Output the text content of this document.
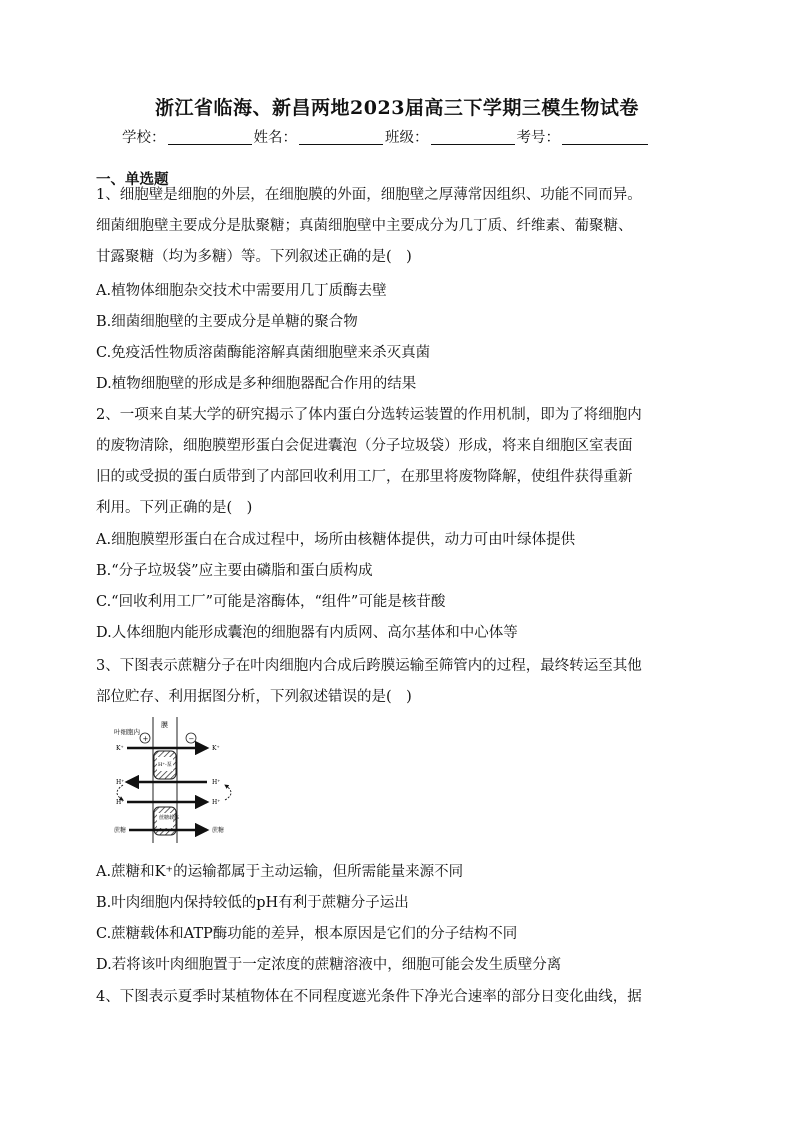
浙江省临海、新昌两地2023届高三下学期三模生物试卷
学校：	姓名：	班级：	考号：
一、单选题
1、细胞壁是细胞的外层，在细胞膜的外面，细胞壁之厚薄常因组织、功能不同而异。
细菌细胞壁主要成分是肽聚糖；真菌细胞壁中主要成分为几丁质、纤维素、葡聚糖、
甘露聚糖（均为多糖）等。下列叙述正确的是(　)
A.植物体细胞杂交技术中需要用几丁质酶去壁
B.细菌细胞壁的主要成分是单糖的聚合物
C.免疫活性物质溶菌酶能溶解真菌细胞壁来杀灭真菌
D.植物细胞壁的形成是多种细胞器配合作用的结果
2、一项来自某大学的研究揭示了体内蛋白分选转运装置的作用机制，即为了将细胞内
的废物清除，细胞膜塑形蛋白会促进囊泡（分子垃圾袋）形成，将来自细胞区室表面
旧的或受损的蛋白质带到了内部回收利用工厂，在那里将废物降解，使组件获得重新
利用。下列正确的是(　)
A.细胞膜塑形蛋白在合成过程中，场所由核糖体提供，动力可由叶绿体提供
B.“分子垃圾袋”应主要由磷脂和蛋白质构成
C.“回收利用工厂”可能是溶酶体，“组件”可能是核苷酸
D.人体细胞内能形成囊泡的细胞器有内质网、高尔基体和中心体等
3、下图表示蔗糖分子在叶肉细胞内合成后跨膜运输至筛管内的过程，最终转运至其他
部位贮存、利用据图分析，下列叙述错误的是(　)
叶细胞内
膜
+	−
K⁺	K⁺
H⁺-泵
H⁺	H⁺
H⁺	H⁺
蔗糖载体
蔗糖	蔗糖
A.蔗糖和K⁺的运输都属于主动运输，但所需能量来源不同
B.叶肉细胞内保持较低的pH有利于蔗糖分子运出
C.蔗糖载体和ATP酶功能的差异，根本原因是它们的分子结构不同
D.若将该叶肉细胞置于一定浓度的蔗糖溶液中，细胞可能会发生质壁分离
4、下图表示夏季时某植物体在不同程度遮光条件下净光合速率的部分日变化曲线，据
